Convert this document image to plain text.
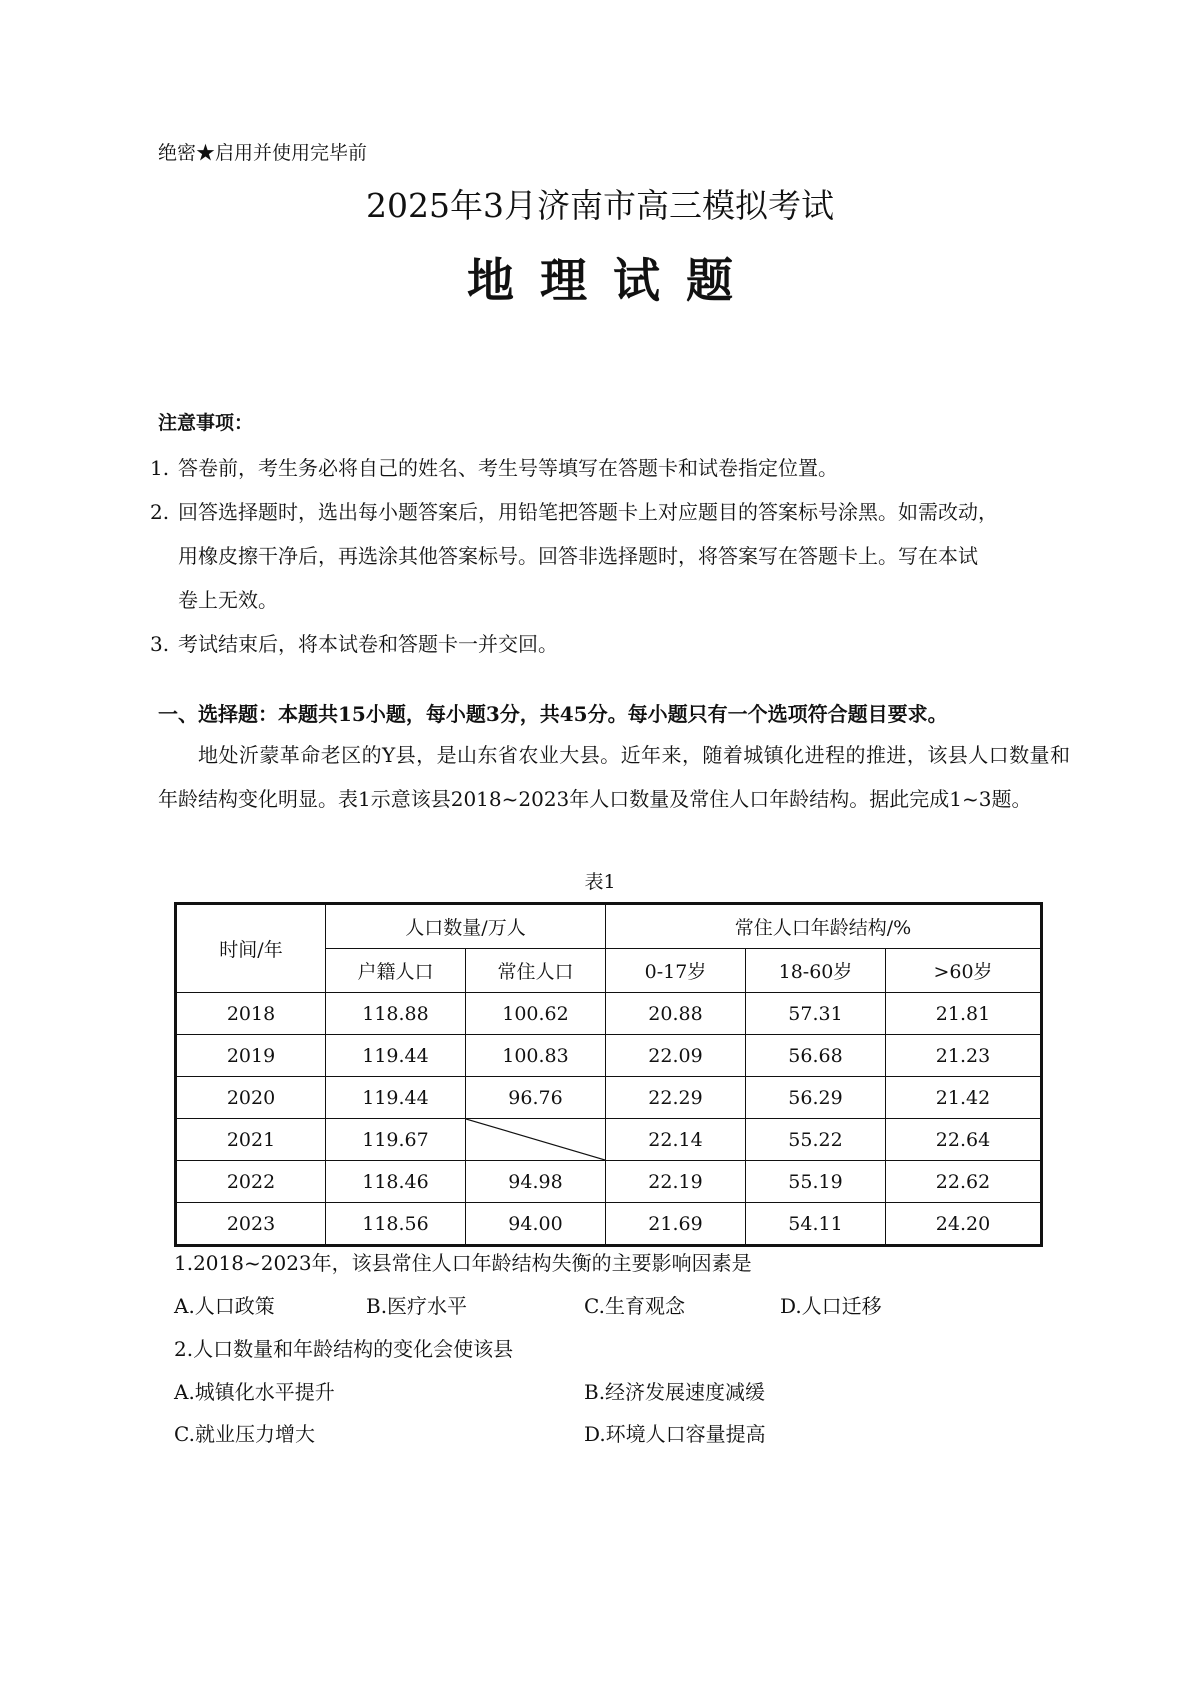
绝密★启用并使用完毕前
2025年3月济南市高三模拟考试
地理试题
注意事项：
1. 答卷前，考生务必将自己的姓名、考生号等填写在答题卡和试卷指定位置。
2. 回答选择题时，选出每小题答案后，用铅笔把答题卡上对应题目的答案标号涂黑。如需改动，
用橡皮擦干净后，再选涂其他答案标号。回答非选择题时，将答案写在答题卡上。写在本试
卷上无效。
3. 考试结束后，将本试卷和答题卡一并交回。
一、选择题：本题共15小题，每小题3分，共45分。每小题只有一个选项符合题目要求。
地处沂蒙革命老区的Y县，是山东省农业大县。近年来，随着城镇化进程的推进，该县人口数量和年龄结构变化明显。表1示意该县2018~2023年人口数量及常住人口年龄结构。据此完成1~3题。
表1
时间/年	人口数量/万人		常住人口年龄结构/%		
	户籍人口	常住人口	0-17岁	18-60岁	>60岁
2018	118.88	100.62	20.88	57.31	21.81
2019	119.44	100.83	22.09	56.68	21.23
2020	119.44	96.76	22.29	56.29	21.42
2021	119.67		22.14	55.22	22.64
2022	118.46	94.98	22.19	55.19	22.62
2023	118.56	94.00	21.69	54.11	24.20
1.2018~2023年，该县常住人口年龄结构失衡的主要影响因素是
A.人口政策	B.医疗水平	C.生育观念	D.人口迁移
2.人口数量和年龄结构的变化会使该县
A.城镇化水平提升	B.经济发展速度减缓
C.就业压力增大	D.环境人口容量提高
